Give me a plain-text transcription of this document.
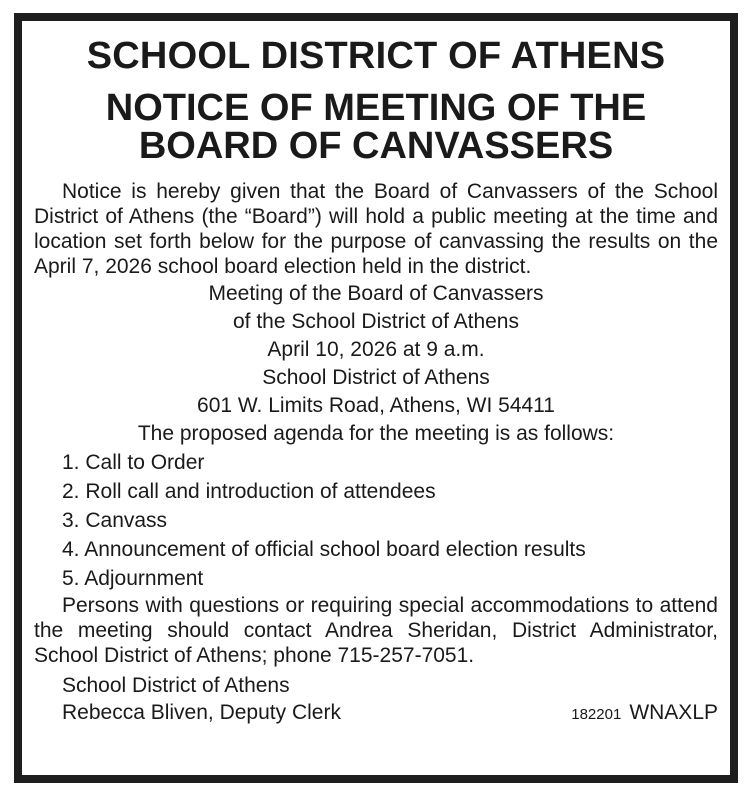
SCHOOL DISTRICT OF ATHENS
NOTICE OF MEETING OF THE
BOARD OF CANVASSERS

Notice is hereby given that the Board of Canvassers of the School District of Athens (the “Board”) will hold a public meeting at the time and location set forth below for the purpose of canvassing the results on the April 7, 2026 school board election held in the district.

Meeting of the Board of Canvassers
of the School District of Athens
April 10, 2026 at 9 a.m.
School District of Athens
601 W. Limits Road, Athens, WI 54411
The proposed agenda for the meeting is as follows:
1. Call to Order
2. Roll call and introduction of attendees
3. Canvass
4. Announcement of official school board election results
5. Adjournment

Persons with questions or requiring special accommodations to attend the meeting should contact Andrea Sheridan, District Administrator, School District of Athens; phone 715-257-7051.

School District of Athens
Rebecca Bliven, Deputy Clerk	182201 WNAXLP
